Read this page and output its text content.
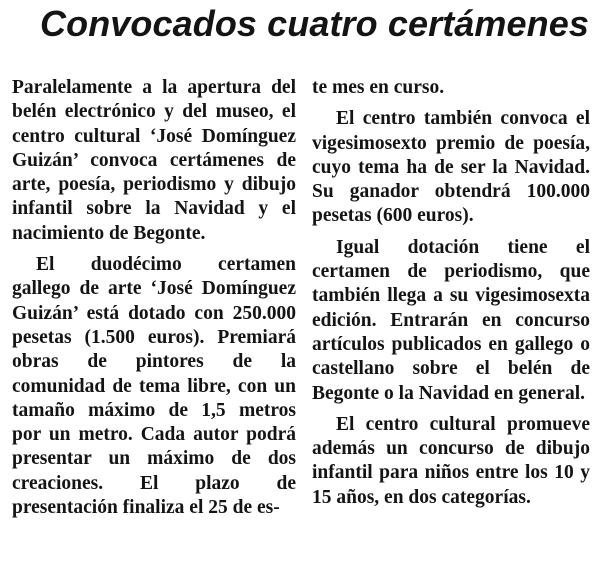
Convocados cuatro certámenes

Paralelamente a la apertura del belén electrónico y del museo, el centro cultural ‘José Domínguez Guizán’ convoca certámenes de arte, poesía, periodismo y dibujo infantil sobre la Navidad y el nacimiento de Begonte.

El duodécimo certamen gallego de arte ‘José Domínguez Guizán’ está dotado con 250.000 pesetas (1.500 euros). Premiará obras de pintores de la comunidad de tema libre, con un tamaño máximo de 1,5 metros por un metro. Cada autor podrá presentar un máximo de dos creaciones. El plazo de presentación finaliza el 25 de es-

te mes en curso.

El centro también convoca el vigesimosexto premio de poesía, cuyo tema ha de ser la Navidad. Su ganador obtendrá 100.000 pesetas (600 euros).

Igual dotación tiene el certamen de periodismo, que también llega a su vigesimosexta edición. Entrarán en concurso artículos publicados en gallego o castellano sobre el belén de Begonte o la Navidad en general.

El centro cultural promueve además un concurso de dibujo infantil para niños entre los 10 y 15 años, en dos categorías.
